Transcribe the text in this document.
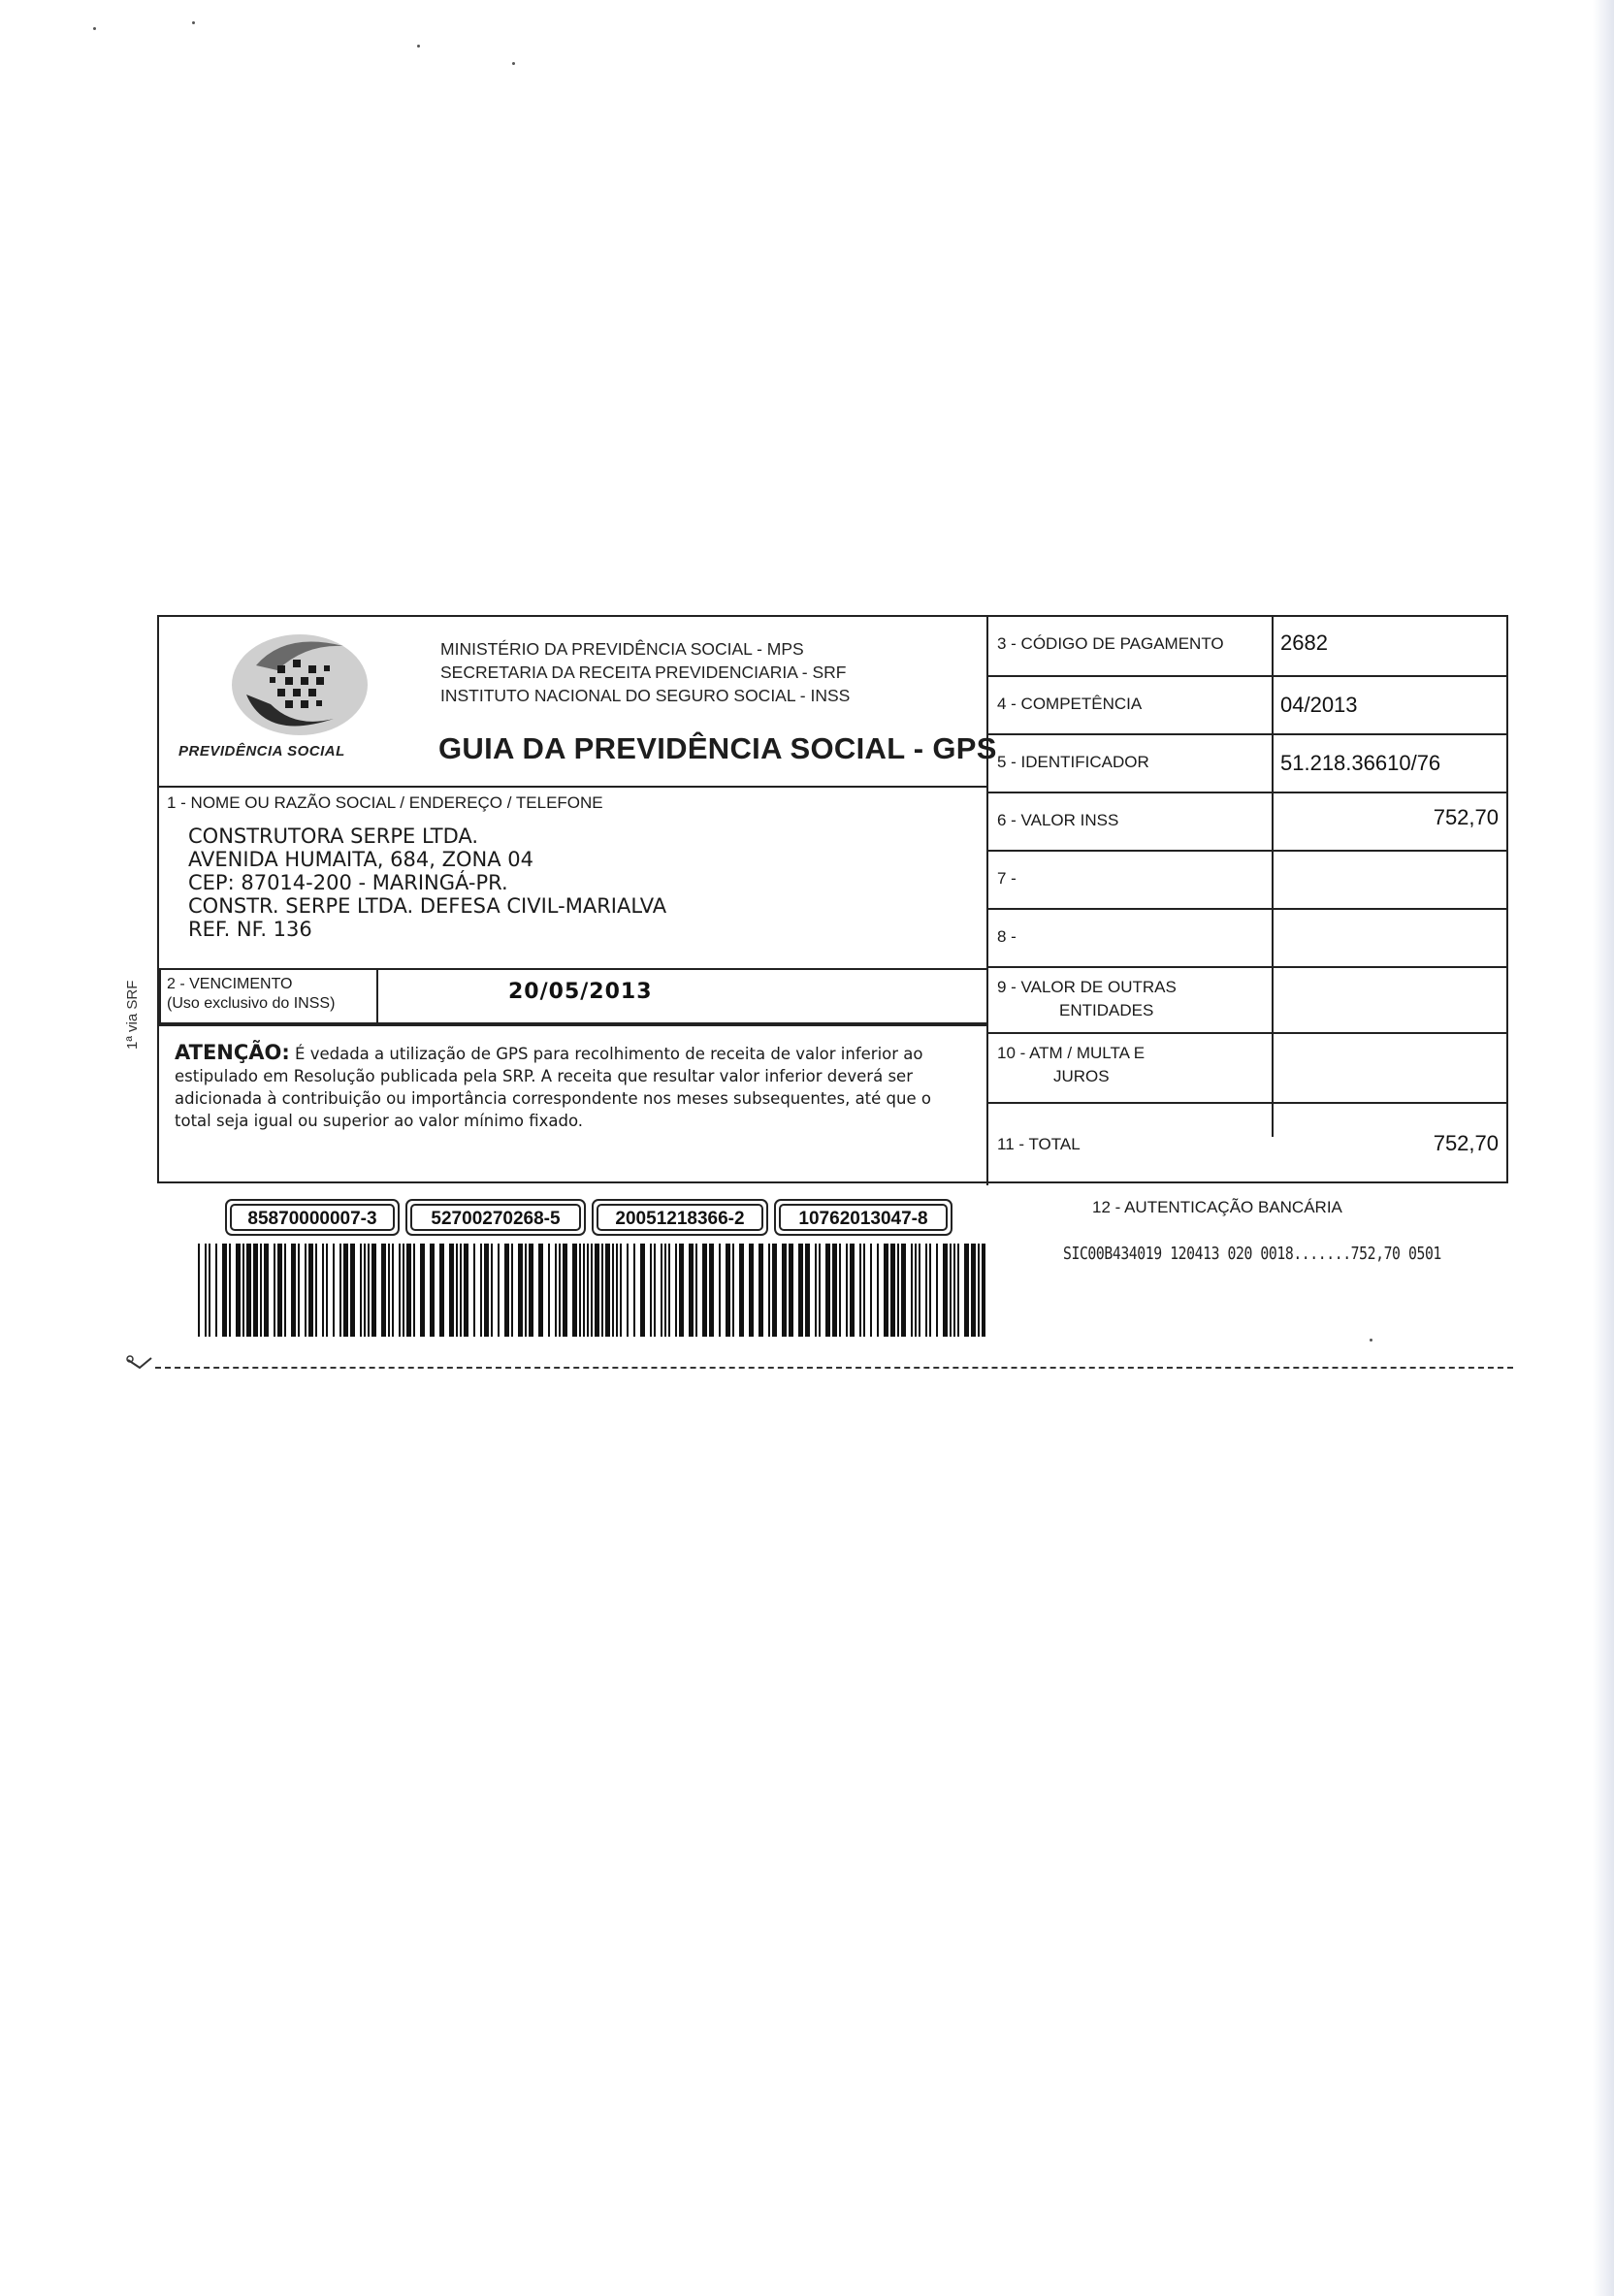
1ª via SRF
PREVIDÊNCIA SOCIAL
MINISTÉRIO DA PREVIDÊNCIA SOCIAL - MPS
SECRETARIA DA RECEITA PREVIDENCIARIA - SRF
INSTITUTO NACIONAL DO SEGURO SOCIAL - INSS
GUIA DA PREVIDÊNCIA SOCIAL - GPS
1 - NOME OU RAZÃO SOCIAL / ENDEREÇO / TELEFONE
CONSTRUTORA SERPE LTDA.
AVENIDA HUMAITA, 684, ZONA 04
CEP: 87014-200 - MARINGÁ-PR.
CONSTR. SERPE LTDA. DEFESA CIVIL-MARIALVA
REF. NF. 136
2 - VENCIMENTO
(Uso exclusivo do INSS)	20/05/2013
ATENÇÃO: É vedada a utilização de GPS para recolhimento de receita de valor inferior ao estipulado em Resolução publicada pela SRP. A receita que resultar valor inferior deverá ser adicionada à contribuição ou importância correspondente nos meses subsequentes, até que o total seja igual ou superior ao valor mínimo fixado.
3 - CÓDIGO DE PAGAMENTO	2682
4 - COMPETÊNCIA	04/2013
5 - IDENTIFICADOR	51.218.36610/76
6 - VALOR INSS	752,70
7 -
8 -
9 - VALOR DE OUTRAS
ENTIDADES
10 - ATM / MULTA E
JUROS
11 - TOTAL	752,70
12 - AUTENTICAÇÃO BANCÁRIA
SIC00B434019 120413 020 0018.......752,70 0501
85870000007-3	52700270268-5	20051218366-2	10762013047-8
